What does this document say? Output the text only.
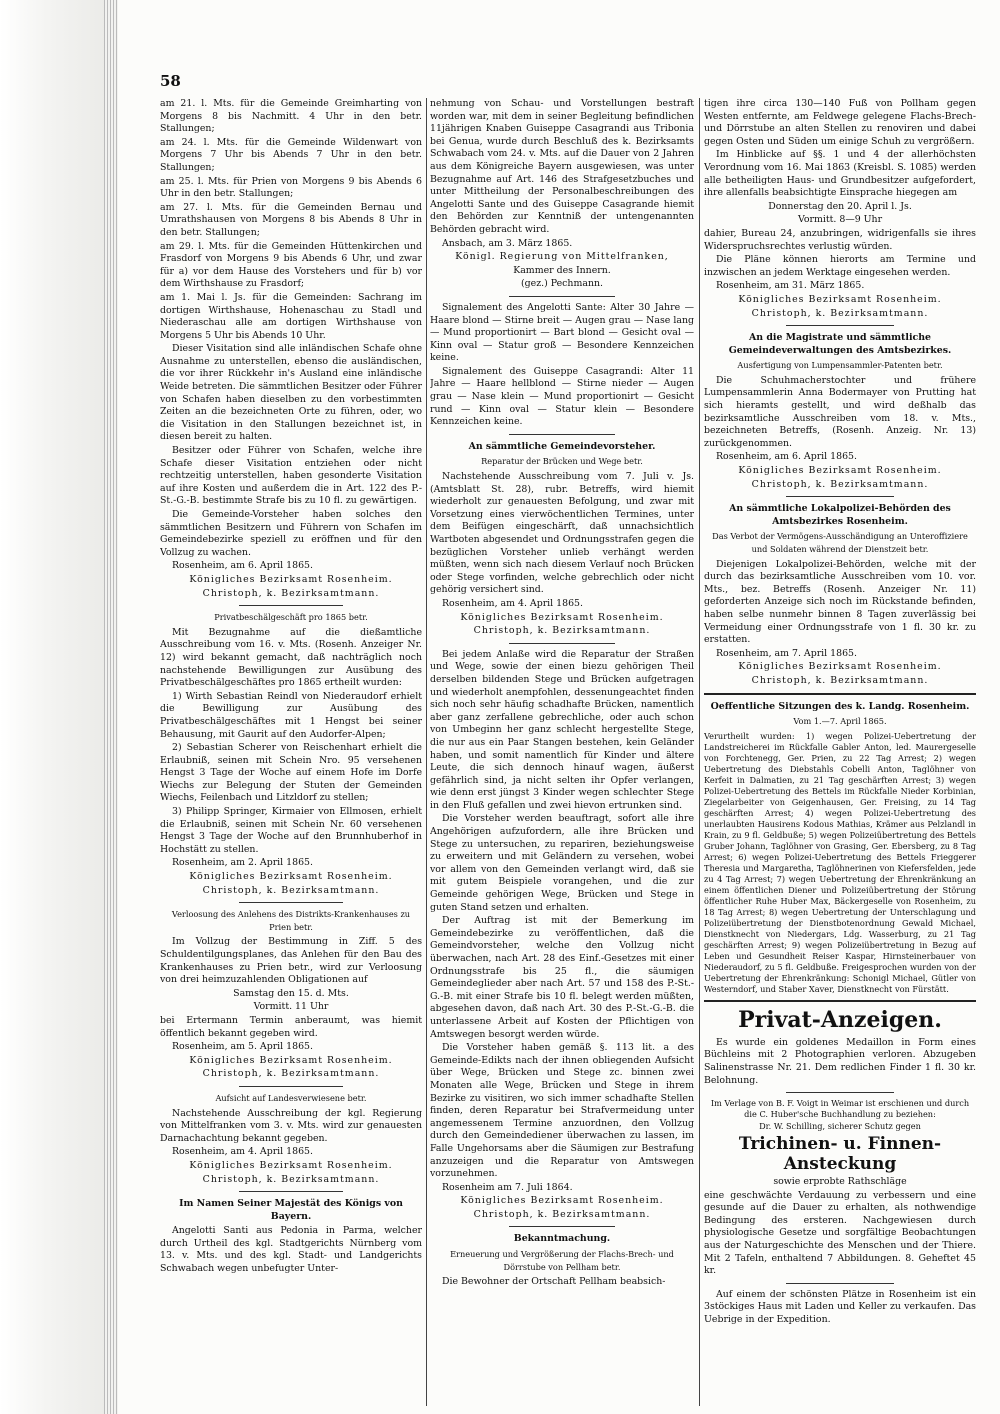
58

am 21. l. Mts. für die Gemeinde Greimharting von Morgens 8 bis Nachmitt. 4 Uhr in den betr. Stallungen;

am 24. l. Mts. für die Gemeinde Wildenwart von Morgens 7 Uhr bis Abends 7 Uhr in den betr. Stallungen;

am 25. l. Mts. für Prien von Morgens 9 bis Abends 6 Uhr in den betr. Stallungen;

am 27. l. Mts. für die Gemeinden Bernau und Umrathshausen von Morgens 8 bis Abends 8 Uhr in den betr. Stallungen;

am 29. l. Mts. für die Gemeinden Hüttenkirchen und Frasdorf von Morgens 9 bis Abends 6 Uhr, und zwar für a) vor dem Hause des Vorstehers und für b) vor dem Wirthshause zu Frasdorf;

am 1. Mai l. Js. für die Gemeinden: Sachrang im dortigen Wirthshause, Hohenaschau zu Stadl und Niederaschau alle am dortigen Wirthshause von Morgens 5 Uhr bis Abends 10 Uhr.

Dieser Visitation sind alle inländischen Schafe ohne Ausnahme zu unterstellen, ebenso die ausländischen, die vor ihrer Rückkehr in's Ausland eine inländische Weide betreten. Die sämmtlichen Besitzer oder Führer von Schafen haben dieselben zu den vorbestimmten Zeiten an die bezeichneten Orte zu führen, oder, wo die Visitation in den Stallungen bezeichnet ist, in diesen bereit zu halten.

Besitzer oder Führer von Schafen, welche ihre Schafe dieser Visitation entziehen oder nicht rechtzeitig unterstellen, haben gesonderte Visitation auf ihre Kosten und außerdem die in Art. 122 des P.-St.-G.-B. bestimmte Strafe bis zu 10 fl. zu gewärtigen.

Die Gemeinde-Vorsteher haben solches den sämmtlichen Besitzern und Führern von Schafen im Gemeindebezirke speziell zu eröffnen und für den Vollzug zu wachen.

Rosenheim, am 6. April 1865.

Königliches Bezirksamt Rosenheim.

Christoph, k. Bezirksamtmann.

Privatbeschälgeschäft pro 1865 betr.

Mit Bezugnahme auf die dießamtliche Ausschreibung vom 16. v. Mts. (Rosenh. Anzeiger Nr. 12) wird bekannt gemacht, daß nachträglich noch nachstehende Bewilligungen zur Ausübung des Privatbeschälgeschäftes pro 1865 ertheilt wurden:

1) Wirth Sebastian Reindl von Niederaudorf erhielt die Bewilligung zur Ausübung des Privatbeschälgeschäftes mit 1 Hengst bei seiner Behausung, mit Gaurit auf den Audorfer-Alpen;

2) Sebastian Scherer von Reischenhart erhielt die Erlaubniß, seinen mit Schein Nro. 95 versehenen Hengst 3 Tage der Woche auf einem Hofe im Dorfe Wiechs zur Belegung der Stuten der Gemeinden Wiechs, Feilenbach und Litzldorf zu stellen;

3) Philipp Springer, Kirmaier von Ellmosen, erhielt die Erlaubniß, seinen mit Schein Nr. 60 versehenen Hengst 3 Tage der Woche auf den Brunnhuberhof in Hochstätt zu stellen.

Rosenheim, am 2. April 1865.

Königliches Bezirksamt Rosenheim.

Christoph, k. Bezirksamtmann.

Verloosung des Anlehens des Distrikts-Krankenhauses zu Prien betr.

Im Vollzug der Bestimmung in Ziff. 5 des Schuldentilgungsplanes, das Anlehen für den Bau des Krankenhauses zu Prien betr., wird zur Verloosung von drei heimzuzahlenden Obligationen auf

Samstag den 15. d. Mts.

Vormitt. 11 Uhr

bei Ertermann Termin anberaumt, was hiemit öffentlich bekannt gegeben wird.

Rosenheim, am 5. April 1865.

Königliches Bezirksamt Rosenheim.

Christoph, k. Bezirksamtmann.

Aufsicht auf Landesverwiesene betr.

Nachstehende Ausschreibung der kgl. Regierung von Mittelfranken vom 3. v. Mts. wird zur genauesten Darnachachtung bekannt gegeben.

Rosenheim, am 4. April 1865.

Königliches Bezirksamt Rosenheim.

Christoph, k. Bezirksamtmann.

Im Namen Seiner Majestät des Königs von Bayern.

Angelotti Santi aus Pedonia in Parma, welcher durch Urtheil des kgl. Stadtgerichts Nürnberg vom 13. v. Mts. und des kgl. Stadt- und Landgerichts Schwabach wegen unbefugter Unter-

nehmung von Schau- und Vorstellungen bestraft worden war, mit dem in seiner Begleitung befindlichen 11jährigen Knaben Guiseppe Casagrandi aus Tribonia bei Genua, wurde durch Beschluß des k. Bezirksamts Schwabach vom 24. v. Mts. auf die Dauer von 2 Jahren aus dem Königreiche Bayern ausgewiesen, was unter Bezugnahme auf Art. 146 des Strafgesetzbuches und unter Mittheilung der Personalbeschreibungen des Angelotti Sante und des Guiseppe Casagrande hiemit den Behörden zur Kenntniß der untengenannten Behörden gebracht wird.

Ansbach, am 3. März 1865.

Königl. Regierung von Mittelfranken,

Kammer des Innern.

(gez.) Pechmann.

Signalement des Angelotti Sante: Alter 30 Jahre — Haare blond — Stirne breit — Augen grau — Nase lang — Mund proportionirt — Bart blond — Gesicht oval — Kinn oval — Statur groß — Besondere Kennzeichen keine.

Signalement des Guiseppe Casagrandi: Alter 11 Jahre — Haare hellblond — Stirne nieder — Augen grau — Nase klein — Mund proportionirt — Gesicht rund — Kinn oval — Statur klein — Besondere Kennzeichen keine.

An sämmtliche Gemeindevorsteher.

Reparatur der Brücken und Wege betr.

Nachstehende Ausschreibung vom 7. Juli v. Js. (Amtsblatt St. 28), rubr. Betreffs, wird hiemit wiederholt zur genauesten Befolgung, und zwar mit Vorsetzung eines vierwöchentlichen Termines, unter dem Beifügen eingeschärft, daß unnachsichtlich Wartboten abgesendet und Ordnungsstrafen gegen die bezüglichen Vorsteher unlieb verhängt werden müßten, wenn sich nach diesem Verlauf noch Brücken oder Stege vorfinden, welche gebrechlich oder nicht gehörig versichert sind.

Rosenheim, am 4. April 1865.

Königliches Bezirksamt Rosenheim.

Christoph, k. Bezirksamtmann.

Bei jedem Anlaße wird die Reparatur der Straßen und Wege, sowie der einen biezu gehörigen Theil derselben bildenden Stege und Brücken aufgetragen und wiederholt anempfohlen, dessenungeachtet finden sich noch sehr häufig schadhafte Brücken, namentlich aber ganz zerfallene gebrechliche, oder auch schon von Umbeginn her ganz schlecht hergestellte Stege, die nur aus ein Paar Stangen bestehen, kein Geländer haben, und somit namentlich für Kinder und ältere Leute, die sich dennoch hinauf wagen, äußerst gefährlich sind, ja nicht selten ihr Opfer verlangen, wie denn erst jüngst 3 Kinder wegen schlechter Stege in den Fluß gefallen und zwei hievon ertrunken sind.

Die Vorsteher werden beauftragt, sofort alle ihre Angehörigen aufzufordern, alle ihre Brücken und Stege zu untersuchen, zu repariren, beziehungsweise zu erweitern und mit Geländern zu versehen, wobei vor allem von den Gemeinden verlangt wird, daß sie mit gutem Beispiele vorangehen, und die zur Gemeinde gehörigen Wege, Brücken und Stege in guten Stand setzen und erhalten.

Der Auftrag ist mit der Bemerkung im Gemeindebezirke zu veröffentlichen, daß die Gemeindvorsteher, welche den Vollzug nicht überwachen, nach Art. 28 des Einf.-Gesetzes mit einer Ordnungsstrafe bis 25 fl., die säumigen Gemeindeglieder aber nach Art. 57 und 158 des P.-St.-G.-B. mit einer Strafe bis 10 fl. belegt werden müßten, abgesehen davon, daß nach Art. 30 des P.-St.-G.-B. die unterlassene Arbeit auf Kosten der Pflichtigen von Amtswegen besorgt werden würde.

Die Vorsteher haben gemäß §. 113 lit. a des Gemeinde-Edikts nach der ihnen obliegenden Aufsicht über Wege, Brücken und Stege zc. binnen zwei Monaten alle Wege, Brücken und Stege in ihrem Bezirke zu visitiren, wo sich immer schadhafte Stellen finden, deren Reparatur bei Strafvermeidung unter angemessenem Termine anzuordnen, den Vollzug durch den Gemeindediener überwachen zu lassen, im Falle Ungehorsams aber die Säumigen zur Bestrafung anzuzeigen und die Reparatur von Amtswegen vorzunehmen.

Rosenheim am 7. Juli 1864.

Königliches Bezirksamt Rosenheim.

Christoph, k. Bezirksamtmann.

Bekanntmachung.

Erneuerung und Vergrößerung der Flachs-Brech- und Dörrstube von Pellham betr.

Die Bewohner der Ortschaft Pellham beabsich-

tigen ihre circa 130—140 Fuß von Pollham gegen Westen entfernte, am Feldwege gelegene Flachs-Brech- und Dörrstube an alten Stellen zu renoviren und dabei gegen Osten und Süden um einige Schuh zu vergrößern.

Im Hinblicke auf §§. 1 und 4 der allerhöchsten Verordnung vom 16. Mai 1863 (Kreisbl. S. 1085) werden alle betheiligten Haus- und Grundbesitzer aufgefordert, ihre allenfalls beabsichtigte Einsprache hiegegen am

Donnerstag den 20. April l. Js.

Vormitt. 8—9 Uhr

dahier, Bureau 24, anzubringen, widrigenfalls sie ihres Widerspruchsrechtes verlustig würden.

Die Pläne können hierorts am Termine und inzwischen an jedem Werktage eingesehen werden.

Rosenheim, am 31. März 1865.

Königliches Bezirksamt Rosenheim.

Christoph, k. Bezirksamtmann.

An die Magistrate und sämmtliche Gemeindeverwaltungen des Amtsbezirkes.

Ausfertigung von Lumpensammler-Patenten betr.

Die Schuhmacherstochter und frühere Lumpensammlerin Anna Bodermayer von Prutting hat sich hieramts gestellt, und wird deßhalb das bezirksamtliche Ausschreiben vom 18. v. Mts., bezeichneten Betreffs, (Rosenh. Anzeig. Nr. 13) zurückgenommen.

Rosenheim, am 6. April 1865.

Königliches Bezirksamt Rosenheim.

Christoph, k. Bezirksamtmann.

An sämmtliche Lokalpolizei-Behörden des Amtsbezirkes Rosenheim.

Das Verbot der Vermögens-Ausschändigung an Unteroffiziere und Soldaten während der Dienstzeit betr.

Diejenigen Lokalpolizei-Behörden, welche mit der durch das bezirksamtliche Ausschreiben vom 10. vor. Mts., bez. Betreffs (Rosenh. Anzeiger Nr. 11) geforderten Anzeige sich noch im Rückstande befinden, haben selbe nunmehr binnen 8 Tagen zuverlässig bei Vermeidung einer Ordnungsstrafe von 1 fl. 30 kr. zu erstatten.

Rosenheim, am 7. April 1865.

Königliches Bezirksamt Rosenheim.

Christoph, k. Bezirksamtmann.

Oeffentliche Sitzungen des k. Landg. Rosenheim.

Vom 1.—7. April 1865.

Verurtheilt wurden: 1) wegen Polizei-Uebertretung der Landstreicherei im Rückfalle Gabler Anton, led. Maurergeselle von Forchtenegg, Ger. Prien, zu 22 Tag Arrest; 2) wegen Uebertretung des Diebstahls Cobelli Anton, Taglöhner von Kerfeit in Dalmatien, zu 21 Tag geschärften Arrest; 3) wegen Polizei-Uebertretung des Bettels im Rückfalle Nieder Korbinian, Ziegelarbeiter von Geigenhausen, Ger. Freising, zu 14 Tag geschärften Arrest; 4) wegen Polizei-Uebertretung des unerlaubten Hausirens Kodous Mathias, Krämer aus Pelzlandl in Krain, zu 9 fl. Geldbuße; 5) wegen Polizeiübertretung des Bettels Gruber Johann, Taglöhner von Grasing, Ger. Ebersberg, zu 8 Tag Arrest; 6) wegen Polizei-Uebertretung des Bettels Frieggerer Theresia und Margaretha, Taglöhnerinen von Kiefersfelden, jede zu 4 Tag Arrest; 7) wegen Uebertretung der Ehrenkränkung an einem öffentlichen Diener und Polizeiübertretung der Störung öffentlicher Ruhe Huber Max, Bäckergeselle von Rosenheim, zu 18 Tag Arrest; 8) wegen Uebertretung der Unterschlagung und Polizeiübertretung der Dienstbotenordnung Gewald Michael, Dienstknecht von Niedergars, Ldg. Wasserburg, zu 21 Tag geschärften Arrest; 9) wegen Polizeiübertretung in Bezug auf Leben und Gesundheit Reiser Kaspar, Hirnsteinerbauer von Niederaudorf, zu 5 fl. Geldbuße. Freigesprochen wurden von der Uebertretung der Ehrenkränkung: Schonigl Michael, Gütler von Westerndorf, und Staber Xaver, Dienstknecht von Fürstätt.

Privat-Anzeigen.

Es wurde ein goldenes Medaillon in Form eines Büchleins mit 2 Photographien verloren. Abzugeben Salinenstrasse Nr. 21. Dem redlichen Finder 1 fl. 30 kr. Belohnung.

Im Verlage von B. F. Voigt in Weimar ist erschienen und durch die C. Huber'sche Buchhandlung zu beziehen:

Dr. W. Schilling, sicherer Schutz gegen

Trichinen- u. Finnen-Ansteckung

sowie erprobte Rathschläge

eine geschwächte Verdauung zu verbessern und eine gesunde auf die Dauer zu erhalten, als nothwendige Bedingung des ersteren. Nachgewiesen durch physiologische Gesetze und sorgfältige Beobachtungen aus der Naturgeschichte des Menschen und der Thiere. Mit 2 Tafeln, enthaltend 7 Abbildungen. 8. Geheftet 45 kr.

Auf einem der schönsten Plätze in Rosenheim ist ein 3stöckiges Haus mit Laden und Keller zu verkaufen. Das Uebrige in der Expedition.
